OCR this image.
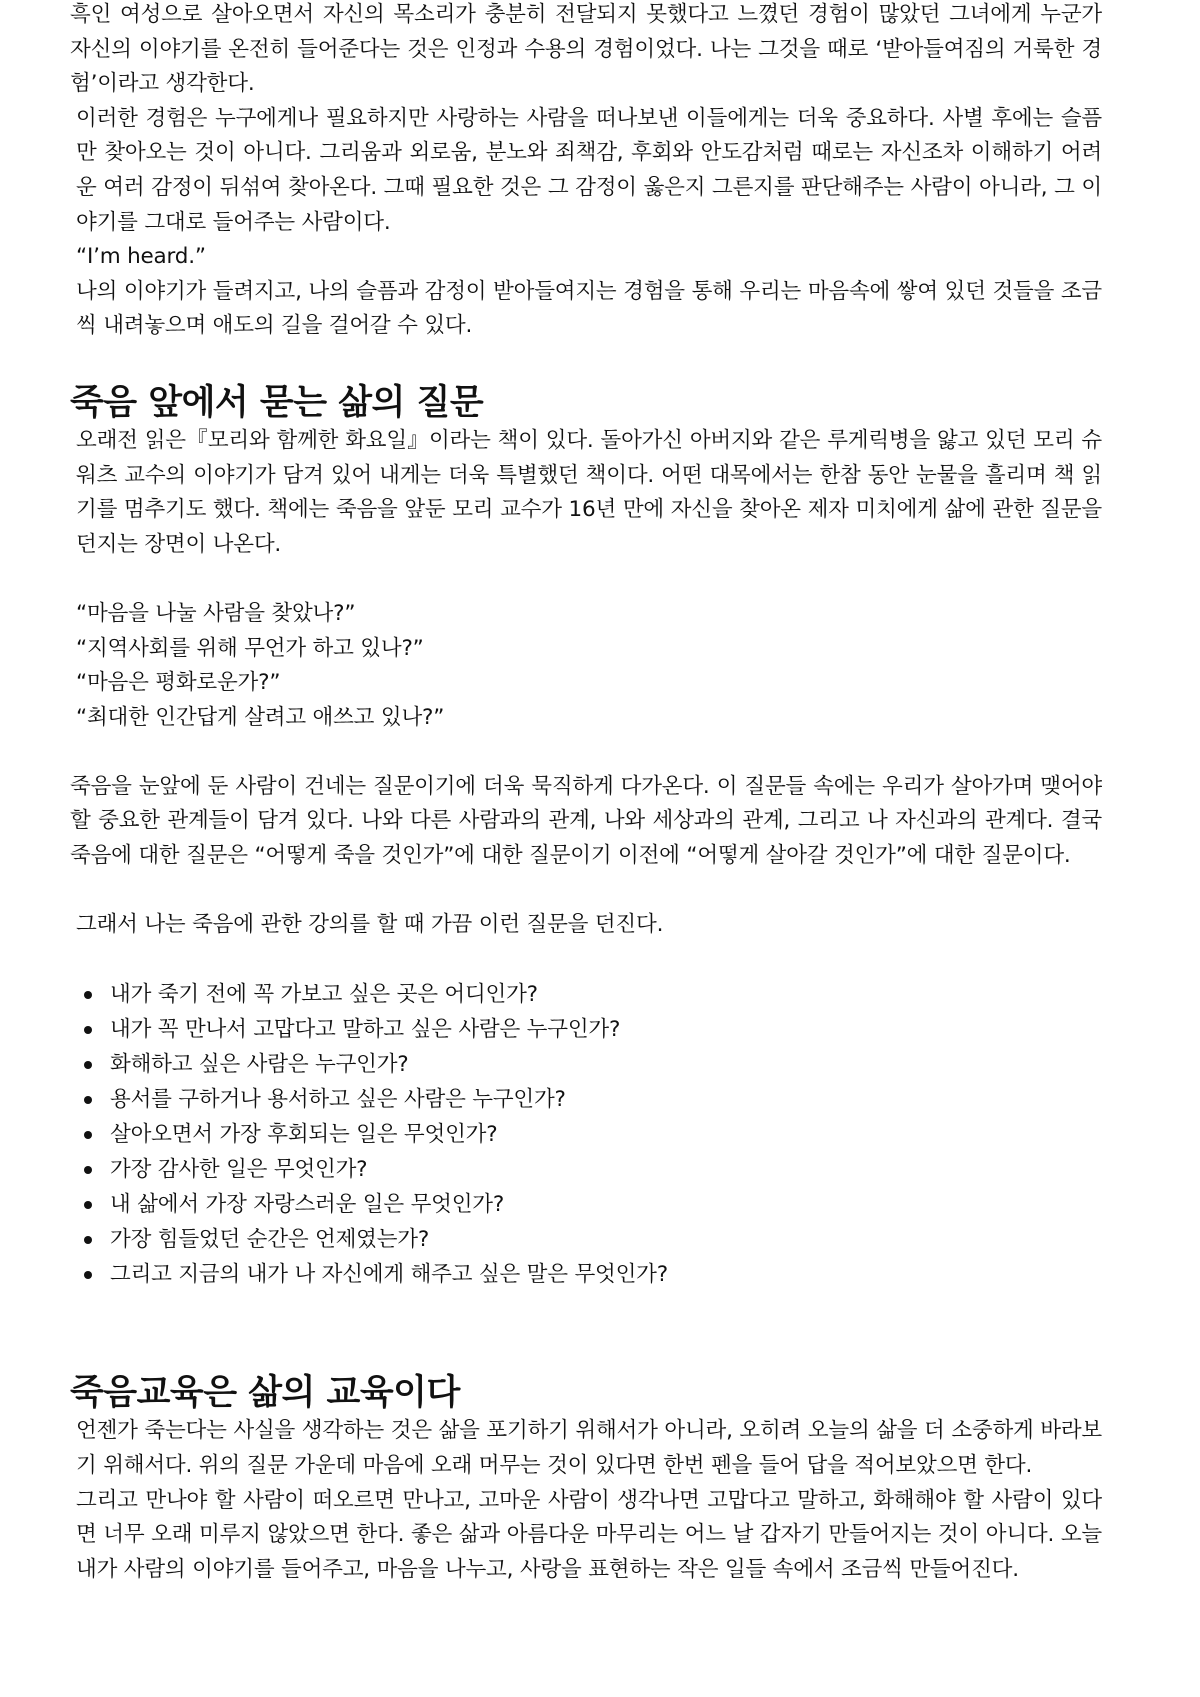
흑인 여성으로 살아오면서 자신의 목소리가 충분히 전달되지 못했다고 느꼈던 경험이 많았던 그녀에게 누군가 자신의 이야기를 온전히 들어준다는 것은 인정과 수용의 경험이었다. 나는 그것을 때로 ‘받아들여짐의 거룩한 경험’이라고 생각한다.

이러한 경험은 누구에게나 필요하지만 사랑하는 사람을 떠나보낸 이들에게는 더욱 중요하다. 사별 후에는 슬픔만 찾아오는 것이 아니다. 그리움과 외로움, 분노와 죄책감, 후회와 안도감처럼 때로는 자신조차 이해하기 어려운 여러 감정이 뒤섞여 찾아온다. 그때 필요한 것은 그 감정이 옳은지 그른지를 판단해주는 사람이 아니라, 그 이야기를 그대로 들어주는 사람이다.

“I’m heard.”

나의 이야기가 들려지고, 나의 슬픔과 감정이 받아들여지는 경험을 통해 우리는 마음속에 쌓여 있던 것들을 조금씩 내려놓으며 애도의 길을 걸어갈 수 있다.

죽음 앞에서 묻는 삶의 질문

오래전 읽은『모리와 함께한 화요일』이라는 책이 있다. 돌아가신 아버지와 같은 루게릭병을 앓고 있던 모리 슈워츠 교수의 이야기가 담겨 있어 내게는 더욱 특별했던 책이다. 어떤 대목에서는 한참 동안 눈물을 흘리며 책 읽기를 멈추기도 했다. 책에는 죽음을 앞둔 모리 교수가 16년 만에 자신을 찾아온 제자 미치에게 삶에 관한 질문을 던지는 장면이 나온다.

“마음을 나눌 사람을 찾았나?”

“지역사회를 위해 무언가 하고 있나?”

“마음은 평화로운가?”

“최대한 인간답게 살려고 애쓰고 있나?”

죽음을 눈앞에 둔 사람이 건네는 질문이기에 더욱 묵직하게 다가온다. 이 질문들 속에는 우리가 살아가며 맺어야 할 중요한 관계들이 담겨 있다. 나와 다른 사람과의 관계, 나와 세상과의 관계, 그리고 나 자신과의 관계다. 결국 죽음에 대한 질문은 “어떻게 죽을 것인가”에 대한 질문이기 이전에 “어떻게 살아갈 것인가”에 대한 질문이다.

그래서 나는 죽음에 관한 강의를 할 때 가끔 이런 질문을 던진다.

내가 죽기 전에 꼭 가보고 싶은 곳은 어디인가?
내가 꼭 만나서 고맙다고 말하고 싶은 사람은 누구인가?
화해하고 싶은 사람은 누구인가?
용서를 구하거나 용서하고 싶은 사람은 누구인가?
살아오면서 가장 후회되는 일은 무엇인가?
가장 감사한 일은 무엇인가?
내 삶에서 가장 자랑스러운 일은 무엇인가?
가장 힘들었던 순간은 언제였는가?
그리고 지금의 내가 나 자신에게 해주고 싶은 말은 무엇인가?
죽음교육은 삶의 교육이다

언젠가 죽는다는 사실을 생각하는 것은 삶을 포기하기 위해서가 아니라, 오히려 오늘의 삶을 더 소중하게 바라보기 위해서다. 위의 질문 가운데 마음에 오래 머무는 것이 있다면 한번 펜을 들어 답을 적어보았으면 한다.

그리고 만나야 할 사람이 떠오르면 만나고, 고마운 사람이 생각나면 고맙다고 말하고, 화해해야 할 사람이 있다면 너무 오래 미루지 않았으면 한다. 좋은 삶과 아름다운 마무리는 어느 날 갑자기 만들어지는 것이 아니다. 오늘 내가 사람의 이야기를 들어주고, 마음을 나누고, 사랑을 표현하는 작은 일들 속에서 조금씩 만들어진다.
